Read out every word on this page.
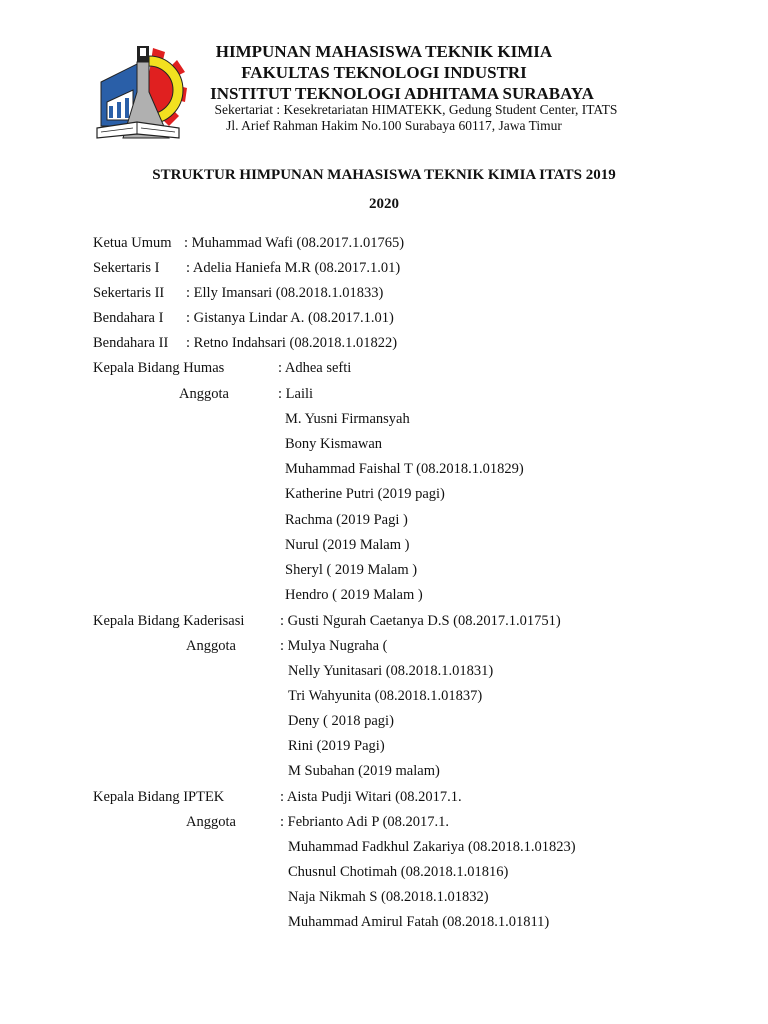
HIMPUNAN MAHASISWA TEKNIK KIMIA
FAKULTAS TEKNOLOGI INDUSTRI
INSTITUT TEKNOLOGI ADHITAMA SURABAYA
Sekertariat : Kesekretariatan HIMATEKK, Gedung Student Center, ITATS
Jl. Arief Rahman Hakim No.100 Surabaya 60117, Jawa Timur
STRUKTUR HIMPUNAN MAHASISWA TEKNIK KIMIA ITATS 2019
2020
Ketua Umum : Muhammad Wafi (08.2017.1.01765)
Sekertaris I : Adelia Haniefa M.R (08.2017.1.01)
Sekertaris II : Elly Imansari (08.2018.1.01833)
Bendahara I : Gistanya Lindar A. (08.2017.1.01)
Bendahara II : Retno Indahsari (08.2018.1.01822)
Kepala Bidang Humas	: Adhea sefti
Anggota	: Laili
M. Yusni Firmansyah
Bony Kismawan
Muhammad Faishal T (08.2018.1.01829)
Katherine Putri (2019 pagi)
Rachma (2019 Pagi )
Nurul (2019 Malam )
Sheryl ( 2019 Malam )
Hendro ( 2019 Malam )
Kepala Bidang Kaderisasi : Gusti Ngurah Caetanya D.S (08.2017.1.01751)
Anggota	: Mulya Nugraha (
Nelly Yunitasari (08.2018.1.01831)
Tri Wahyunita (08.2018.1.01837)
Deny ( 2018 pagi)
Rini (2019 Pagi)
M Subahan (2019 malam)
Kepala Bidang IPTEK	: Aista Pudji Witari (08.2017.1.
Anggota	: Febrianto Adi P (08.2017.1.
Muhammad Fadkhul Zakariya (08.2018.1.01823)
Chusnul Chotimah (08.2018.1.01816)
Naja Nikmah S (08.2018.1.01832)
Muhammad Amirul Fatah (08.2018.1.01811)
